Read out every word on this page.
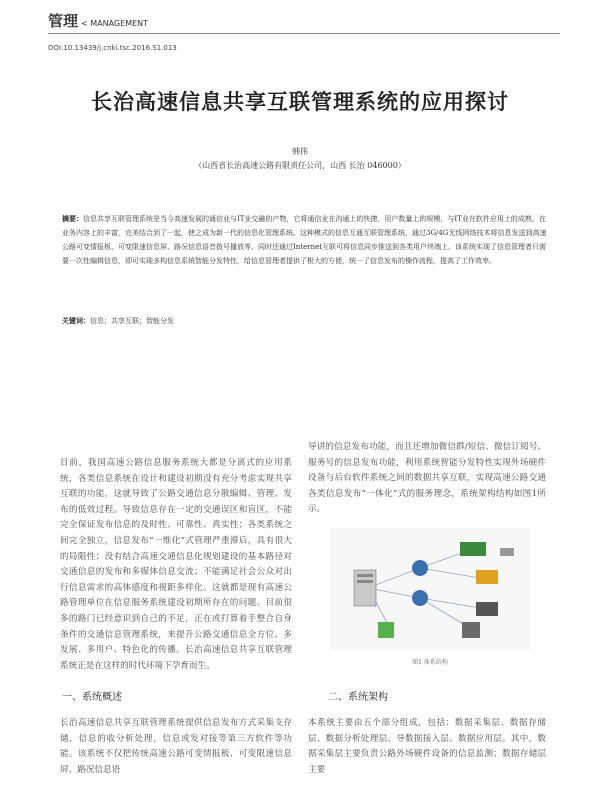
管理 < MANAGEMENT
DOI:10.13439/j.cnki.tsc.2016.S1.013
长治高速信息共享互联管理系统的应用探讨
韩伟
（山西省长治高速公路有限责任公司，山西 长治 046000）
摘要：信息共享互联管理系统是当今高速发展的通信业与IT业交融的产物，它将通信业在沟通上的快捷、用户数量上的规模，与IT业在软件应用上的成熟、在业务内容上的丰富，完美结合到了一起，使之成为新一代的信息化管理系统。这种模式的信息互通互联管理系统，通过3G/4G无线网络技术将信息发送到高速公路可变情报板、可变限速信息屏、路况信息语音拨号播放等。同时还通过Internet互联可将信息同步推送到各类用户终端上。该系统实现了信息管理者只需要一次性编辑信息，即可实现多构信息系统智能分发特性，给信息管理者提供了极大的方便，统一了信息发布的操作流程，提高了工作效率。
关键词：信息；共享互联；智能分发
目前，我国高速公路信息服务系统大都是分离式的应用系统，各类信息系统在设计和建设初期没有充分考虑实现共享互联的功能，这就导致了公路交通信息分散编辑、管理、发布的低效过程。导致信息存在一定的交通误区和盲区，不能完全保证发布信息的及时性、可靠性、真实性；各类系统之间完全独立，信息发布“一维化”式管理严重滞后，具有很大的局限性；没有结合高速交通信息化规划建设的基本路径对交通信息的发布和多媒体信息交流；不能满足社会公众对出行信息需求的高体感度和视距多样化。这就都是现有高速公路管理单位在信息服务系统建设初期所存在的问题。目前很多的路门已经意识到自己的不足，正在或打算着手整合自身条件的交通信息管理系统，来提升公路交通信息全方位、多发展、多用户、特色化的传播。长治高速信息共享互联管理系统正是在这样的时代环境下孕育而生。
导讲的信息发布功能，而且还增加微信群/短信、微信订阅号、服务号的信息发布功能，利用系统智能分发特性实现外场硬件设备与后台软件系统之间的数据共享互联，实现高速公路交通各类信息发布“一体化”式的服务理念，系统架构结构如图1所示。
图1 体系结构
一、系统概述	二、系统架构
长治高速信息共享互联管理系统提供信息发布方式采集支存储，信息的收分析处理，信息或发对接等第三方软件等功能。该系统不仅把传统高速公路可变情报板、可变限速信息屏、路况信息语
本系统主要由五个部分组成，包括：数据采集层、数据存储层、数据分析处理层、导数据接入层、数据应用层。其中，数据采集层主要负责公路外场硬件设备的信息监测；数据存储层主要
